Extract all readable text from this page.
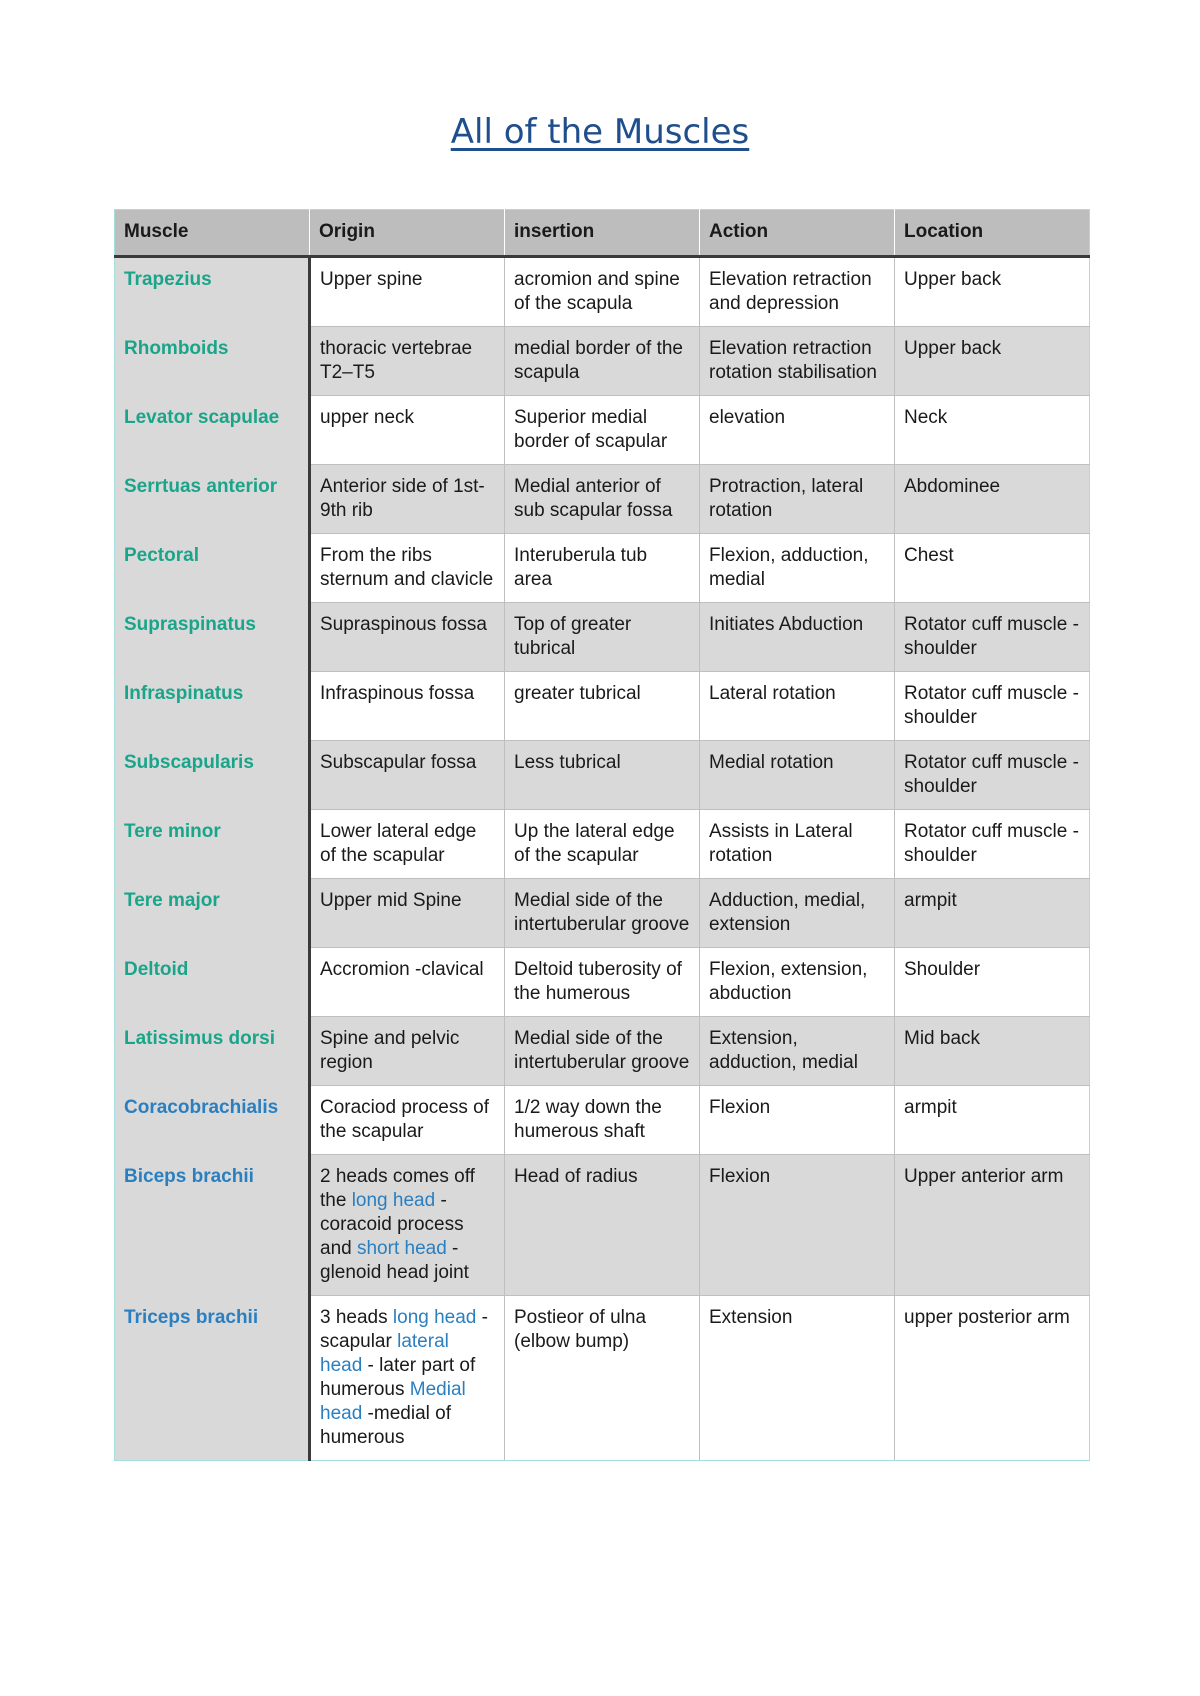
All of the Muscles
Muscle	Origin	insertion	Action	Location
Trapezius	Upper spine	acromion and spine of the scapula	Elevation retraction and depression	Upper back
Rhomboids	thoracic vertebrae T2–T5	medial border of the scapula	Elevation retraction rotation stabilisation	Upper back
Levator scapulae	upper neck	Superior medial border of scapular	elevation	Neck
Serrtuas anterior	Anterior side of 1st-9th rib	Medial anterior of sub scapular fossa	Protraction, lateral rotation	Abdominee
Pectoral	From the ribs sternum and clavicle	Interuberula tub area	Flexion, adduction, medial	Chest
Supraspinatus	Supraspinous fossa	Top of greater tubrical	Initiates Abduction	Rotator cuff muscle - shoulder
Infraspinatus	Infraspinous fossa	greater tubrical	Lateral rotation	Rotator cuff muscle - shoulder
Subscapularis	Subscapular fossa	Less tubrical	Medial rotation	Rotator cuff muscle - shoulder
Tere minor	Lower lateral edge of the scapular	Up the lateral edge of the scapular	Assists in Lateral rotation	Rotator cuff muscle - shoulder
Tere major	Upper mid Spine	Medial side of the intertuberular groove	Adduction, medial, extension	armpit
Deltoid	Accromion -clavical	Deltoid tuberosity of the humerous	Flexion, extension, abduction	Shoulder
Latissimus dorsi	Spine and pelvic region	Medial side of the intertuberular groove	Extension, adduction, medial	Mid back
Coracobrachialis	Coraciod process of the scapular	1/2 way down the humerous shaft	Flexion	armpit
Biceps brachii	2 heads comes off the long head - coracoid process and short head - glenoid head joint	Head of radius	Flexion	Upper anterior arm
Triceps brachii	3 heads long head -scapular lateral head - later part of humerous Medial head -medial of humerous	Postieor of ulna (elbow bump)	Extension	upper posterior arm
